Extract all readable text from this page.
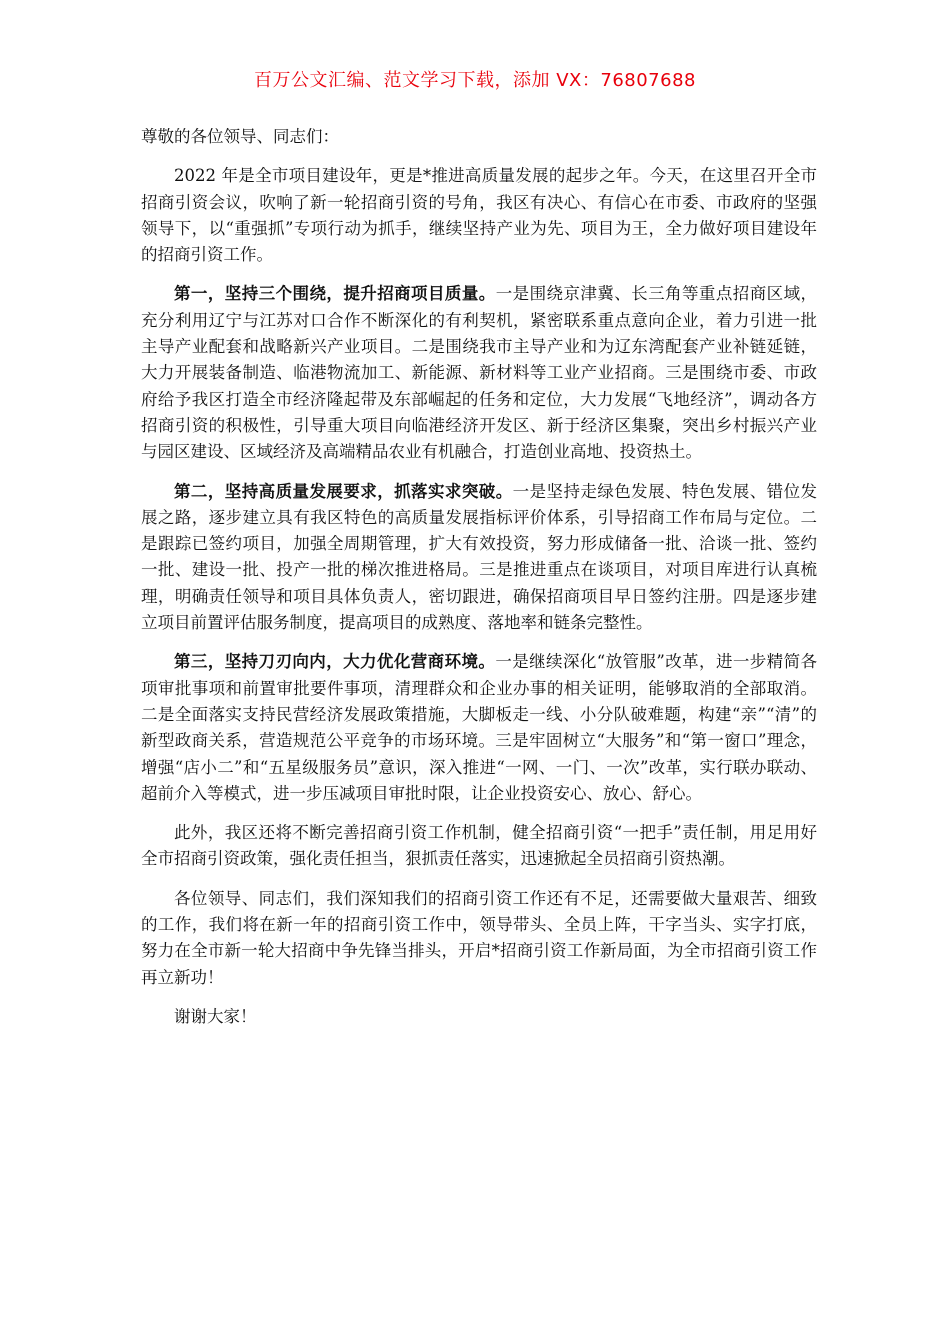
百万公文汇编、范文学习下载，添加 VX：76807688

尊敬的各位领导、同志们：

2022 年是全市项目建设年，更是*推进高质量发展的起步之年。今天，在这里召开全市招商引资会议，吹响了新一轮招商引资的号角，我区有决心、有信心在市委、市政府的坚强领导下，以“重强抓”专项行动为抓手，继续坚持产业为先、项目为王，全力做好项目建设年的招商引资工作。

第一，坚持三个围绕，提升招商项目质量。一是围绕京津冀、长三角等重点招商区域，充分利用辽宁与江苏对口合作不断深化的有利契机，紧密联系重点意向企业，着力引进一批主导产业配套和战略新兴产业项目。二是围绕我市主导产业和为辽东湾配套产业补链延链，大力开展装备制造、临港物流加工、新能源、新材料等工业产业招商。三是围绕市委、市政府给予我区打造全市经济隆起带及东部崛起的任务和定位，大力发展“飞地经济”，调动各方招商引资的积极性，引导重大项目向临港经济开发区、新于经济区集聚，突出乡村振兴产业与园区建设、区域经济及高端精品农业有机融合，打造创业高地、投资热土。

第二，坚持高质量发展要求，抓落实求突破。一是坚持走绿色发展、特色发展、错位发展之路，逐步建立具有我区特色的高质量发展指标评价体系，引导招商工作布局与定位。二是跟踪已签约项目，加强全周期管理，扩大有效投资，努力形成储备一批、洽谈一批、签约一批、建设一批、投产一批的梯次推进格局。三是推进重点在谈项目，对项目库进行认真梳理，明确责任领导和项目具体负责人，密切跟进，确保招商项目早日签约注册。四是逐步建立项目前置评估服务制度，提高项目的成熟度、落地率和链条完整性。

第三，坚持刀刃向内，大力优化营商环境。一是继续深化“放管服”改革，进一步精简各项审批事项和前置审批要件事项，清理群众和企业办事的相关证明，能够取消的全部取消。二是全面落实支持民营经济发展政策措施，大脚板走一线、小分队破难题，构建“亲”“清”的新型政商关系，营造规范公平竞争的市场环境。三是牢固树立“大服务”和“第一窗口”理念，增强“店小二”和“五星级服务员”意识，深入推进“一网、一门、一次”改革，实行联办联动、超前介入等模式，进一步压减项目审批时限，让企业投资安心、放心、舒心。

此外，我区还将不断完善招商引资工作机制，健全招商引资“一把手”责任制，用足用好全市招商引资政策，强化责任担当，狠抓责任落实，迅速掀起全员招商引资热潮。

各位领导、同志们，我们深知我们的招商引资工作还有不足，还需要做大量艰苦、细致的工作，我们将在新一年的招商引资工作中，领导带头、全员上阵，干字当头、实字打底，努力在全市新一轮大招商中争先锋当排头，开启*招商引资工作新局面，为全市招商引资工作再立新功！

谢谢大家！
